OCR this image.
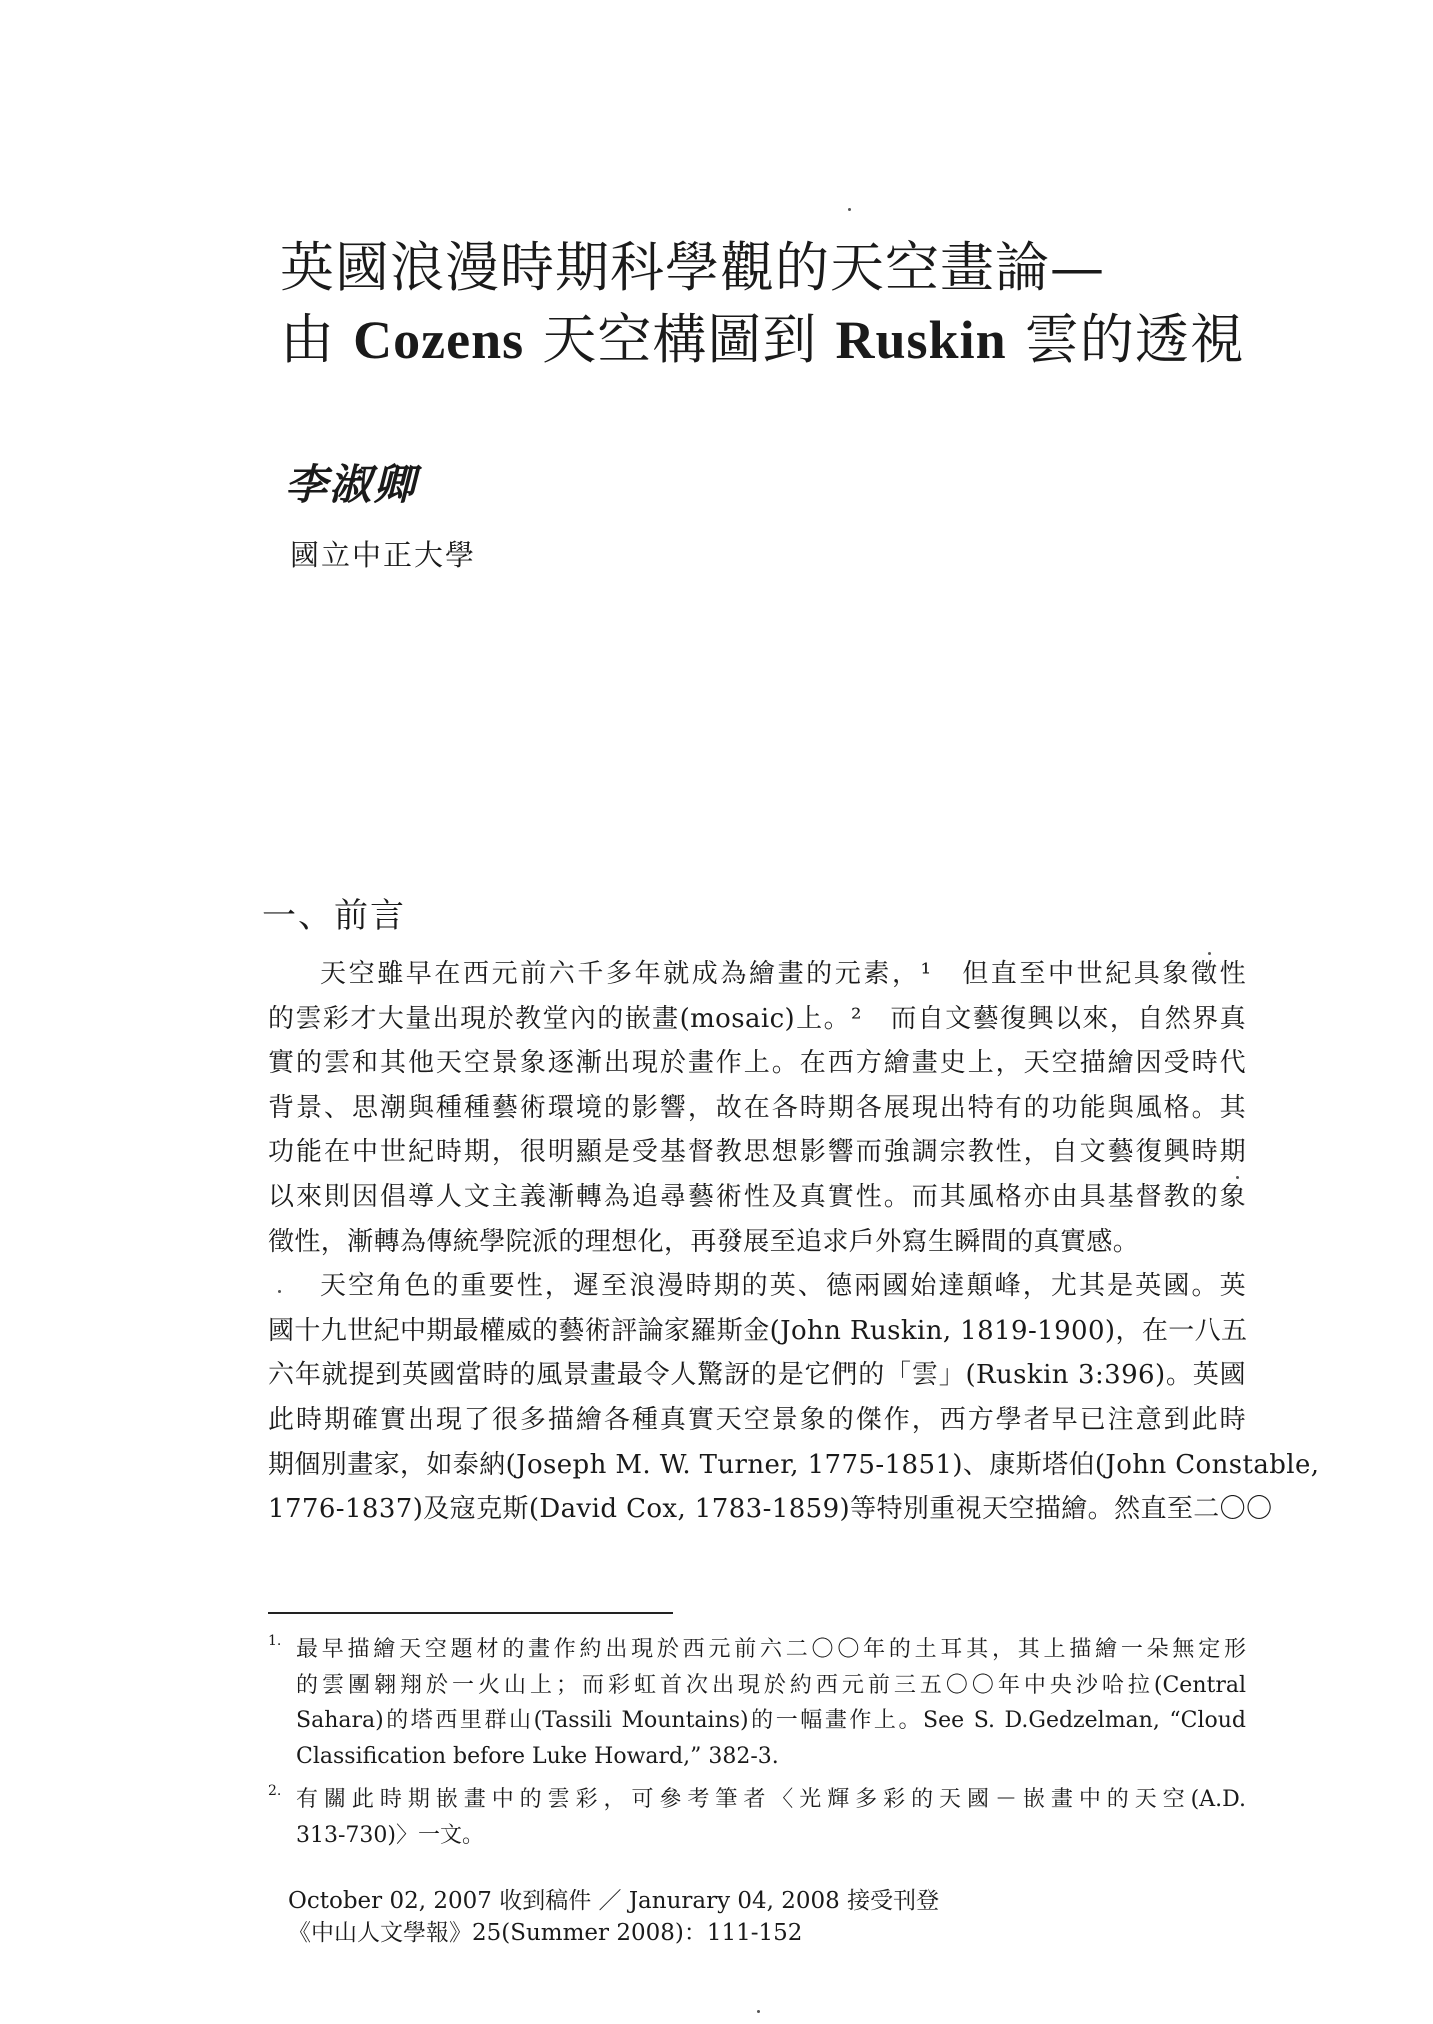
英國浪漫時期科學觀的天空畫論—
由 Cozens 天空構圖到 Ruskin 雲的透視
李淑卿
國立中正大學
一、前言
天空雖早在西元前六千多年就成為繪畫的元素，¹　但直至中世紀具象徵性
的雲彩才大量出現於教堂內的嵌畫(mosaic)上。²　而自文藝復興以來，自然界真
實的雲和其他天空景象逐漸出現於畫作上。在西方繪畫史上，天空描繪因受時代
背景、思潮與種種藝術環境的影響，故在各時期各展現出特有的功能與風格。其
功能在中世紀時期，很明顯是受基督教思想影響而強調宗教性，自文藝復興時期
以來則因倡導人文主義漸轉為追尋藝術性及真實性。而其風格亦由具基督教的象
徵性，漸轉為傳統學院派的理想化，再發展至追求戶外寫生瞬間的真實感。
天空角色的重要性，遲至浪漫時期的英、德兩國始達顛峰，尤其是英國。英
國十九世紀中期最權威的藝術評論家羅斯金(John Ruskin, 1819-1900)，在一八五
六年就提到英國當時的風景畫最令人驚訝的是它們的「雲」(Ruskin 3:396)。英國
此時期確實出現了很多描繪各種真實天空景象的傑作，西方學者早已注意到此時
期個別畫家，如泰納(Joseph M. W. Turner, 1775-1851)、康斯塔伯(John Constable,
1776-1837)及寇克斯(David Cox, 1783-1859)等特別重視天空描繪。然直至二〇〇
1. 最早描繪天空題材的畫作約出現於西元前六二〇〇年的土耳其，其上描繪一朵無定形
的雲團翱翔於一火山上；而彩虹首次出現於約西元前三五〇〇年中央沙哈拉(Central
Sahara)的塔西里群山(Tassili Mountains)的一幅畫作上。See S. D.Gedzelman, “Cloud
Classification before Luke Howard,” 382-3.
2. 有關此時期嵌畫中的雲彩，可參考筆者〈光輝多彩的天國－嵌畫中的天空(A.D.
313-730)〉一文。
October 02, 2007 收到稿件 ／ Janurary 04, 2008 接受刊登
《中山人文學報》25(Summer 2008)：111-152
